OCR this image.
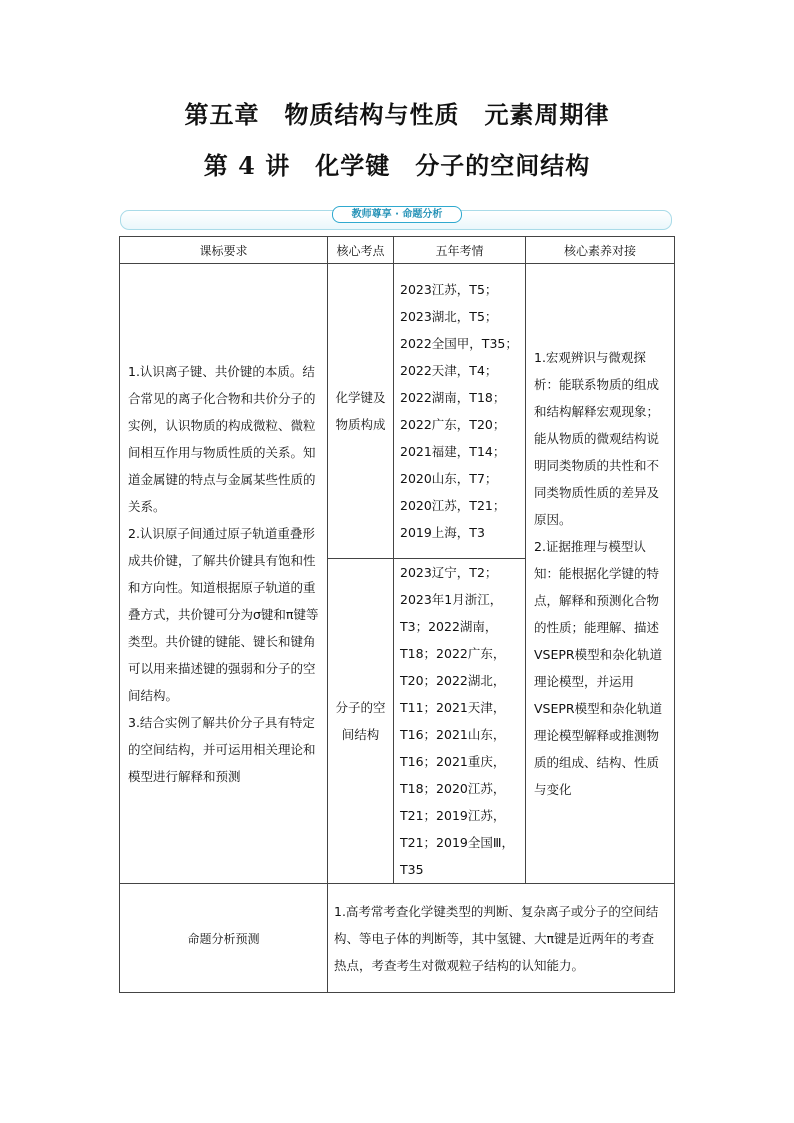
第五章　物质结构与性质　元素周期律
第 4 讲　化学键　分子的空间结构
教师尊享 · 命题分析
课标要求	核心考点	五年考情	核心素养对接

1.认识离子键、共价键的本质。结合常见的离子化合物和共价分子的实例，认识物质的构成微粒、微粒间相互作用与物质性质的关系。知道金属键的特点与金属某些性质的关系。
2.认识原子间通过原子轨道重叠形成共价键，了解共价键具有饱和性和方向性。知道根据原子轨道的重叠方式，共价键可分为σ键和π键等类型。共价键的键能、键长和键角可以用来描述键的强弱和分子的空间结构。
3.结合实例了解共价分子具有特定的空间结构，并可运用相关理论和模型进行解释和预测	化学键及物质构成	2023江苏，T5；2023湖北，T5；2022全国甲，T35；2022天津，T4；2022湖南，T18；2022广东，T20；2021福建，T14；2020山东，T7；2020江苏，T21；2019上海，T3	1.宏观辨识与微观探析：能联系物质的组成和结构解释宏观现象；能从物质的微观结构说明同类物质的共性和不同类物质性质的差异及原因。
2.证据推理与模型认知：能根据化学键的特点，解释和预测化合物的性质；能理解、描述VSEPR模型和杂化轨道理论模型，并运用VSEPR模型和杂化轨道理论模型解释或推测物质的组成、结构、性质与变化

	分子的空间结构	2023辽宁，T2；2023年1月浙江，T3；2022湖南，T18；2022广东，T20；2022湖北，T11；2021天津，T16；2021山东，T16；2021重庆，T18；2020江苏，T21；2019江苏，T21；2019全国Ⅲ，T35	

命题分析预测	1.高考常考查化学键类型的判断、复杂离子或分子的空间结构、等电子体的判断等，其中氢键、大π键是近两年的考查热点，考查考生对微观粒子结构的认知能力。		
